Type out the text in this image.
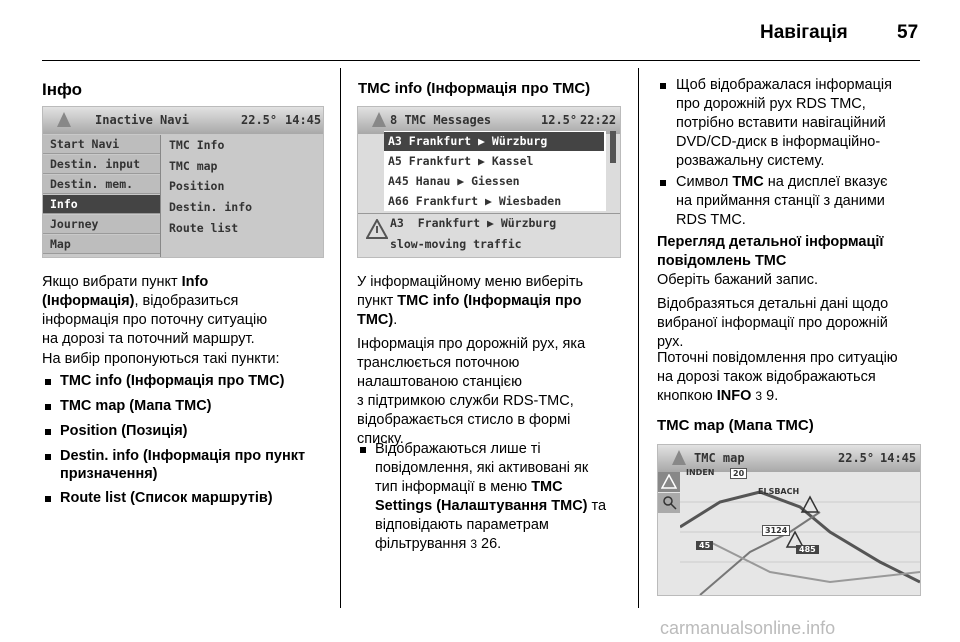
Навігація	57
Інфо
Inactive Navi	22.5° 14:45
Start Navi
Destin. input
Destin. mem.
Info
Journey
Map
TMC Info
TMC map
Position
Destin. info
Route list
Якщо вибрати пункт Info
(Інформація), відобразиться
інформація про поточну ситуацію
на дорозі та поточний маршрут.
На вибір пропонуються такі пункти:
TMC info (Інформація про TMC)
TMC map (Мапа TMC)
Position (Позиція)
Destin. info (Інформація про пункт
призначення)
Route list (Список маршрутів)
TMC info (Інформація про TMC)
8 TMC Messages	12.5° 22:22
A3 Frankfurt ▶ Würzburg
A5 Frankfurt ▶ Kassel
A45 Hanau ▶ Giessen
A66 Frankfurt ▶ Wiesbaden
A3 Frankfurt ▶ Würzburg
slow-moving traffic
У інформаційному меню виберіть
пункт TMC info (Інформація про
TMC).
Інформація про дорожній рух, яка
транслюється поточною
налаштованою станцією
з підтримкою служби RDS-TMC,
відображається стисло в формі
списку.
Відображаються лише ті
повідомлення, які активовані як
тип інформації в меню TMC
Settings (Налаштування TMC) та
відповідають параметрам
фільтрування 3 26.
Щоб відображалася інформація
про дорожній рух RDS TMC,
потрібно вставити навігаційний
DVD/CD-диск в інформаційно-
розважальну систему.
Символ TMC на дисплеї вказує
на приймання станції з даними
RDS TMC.
Перегляд детальної інформації
повідомлень TMC
Оберіть бажаний запис.
Відобразяться детальні дані щодо
вибраної інформації про дорожній
рух.
Поточні повідомлення про ситуацію
на дорозі також відображаються
кнопкою INFO 3 9.
TMC map (Мапа TMC)
TMC map	22.5° 14:45
INDEN	20
ELSBACH
3124
45	485
carmanualsonline.info
